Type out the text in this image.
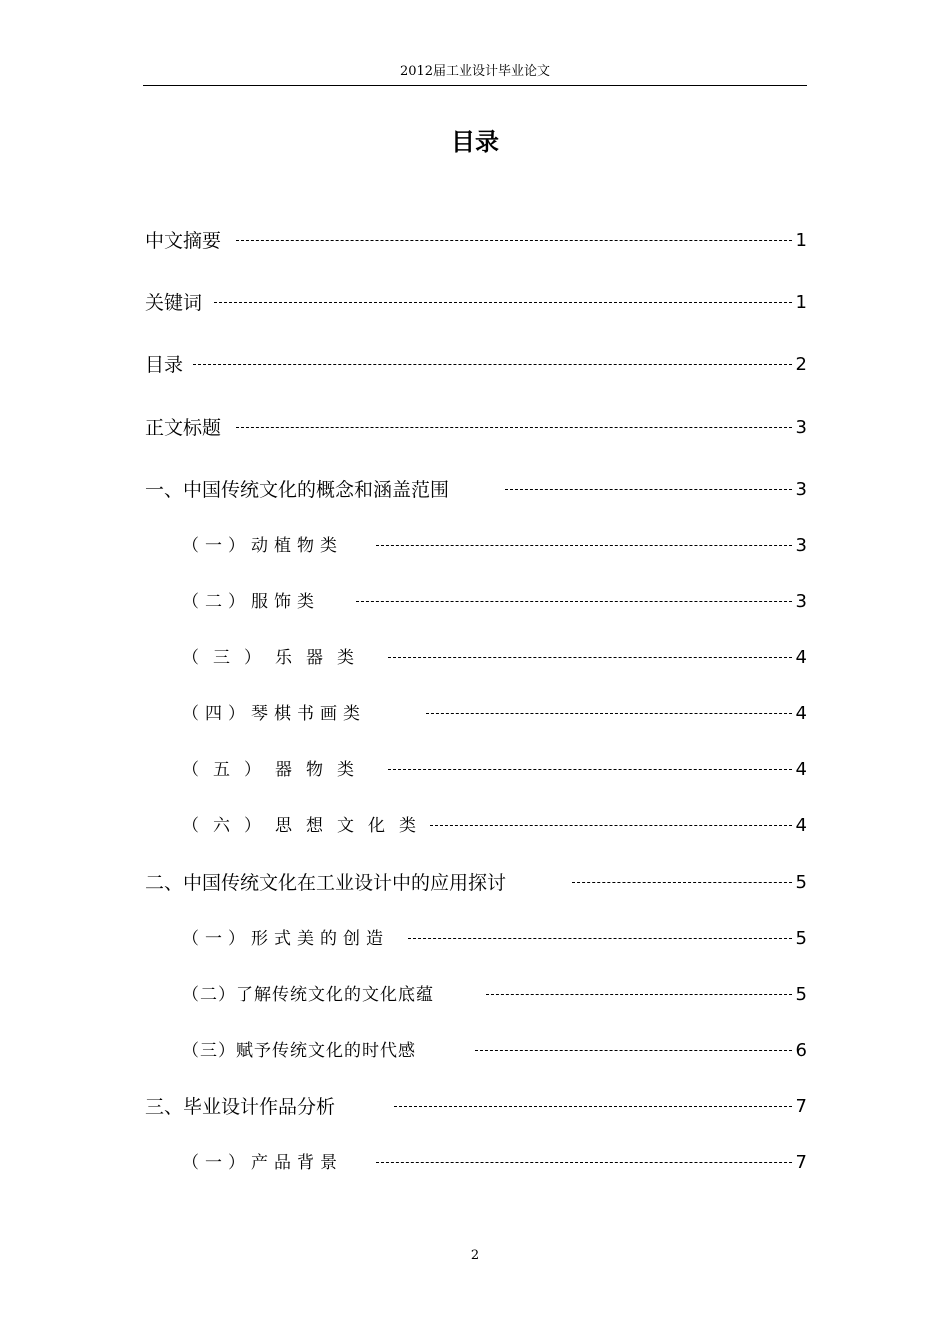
2012届工业设计毕业论文
目录
中文摘要	1
关键词	1
目录	2
正文标题	3
一、中国传统文化的概念和涵盖范围	3
（一）动植物类	3
（二）服饰类	3
（三）乐器类	4
（四）琴棋书画类	4
（五）器物类	4
（六）思想文化类	4
二、中国传统文化在工业设计中的应用探讨	5
（一）形式美的创造	5
（二）了解传统文化的文化底蕴	5
（三）赋予传统文化的时代感	6
三、毕业设计作品分析	7
（一）产品背景	7
2
